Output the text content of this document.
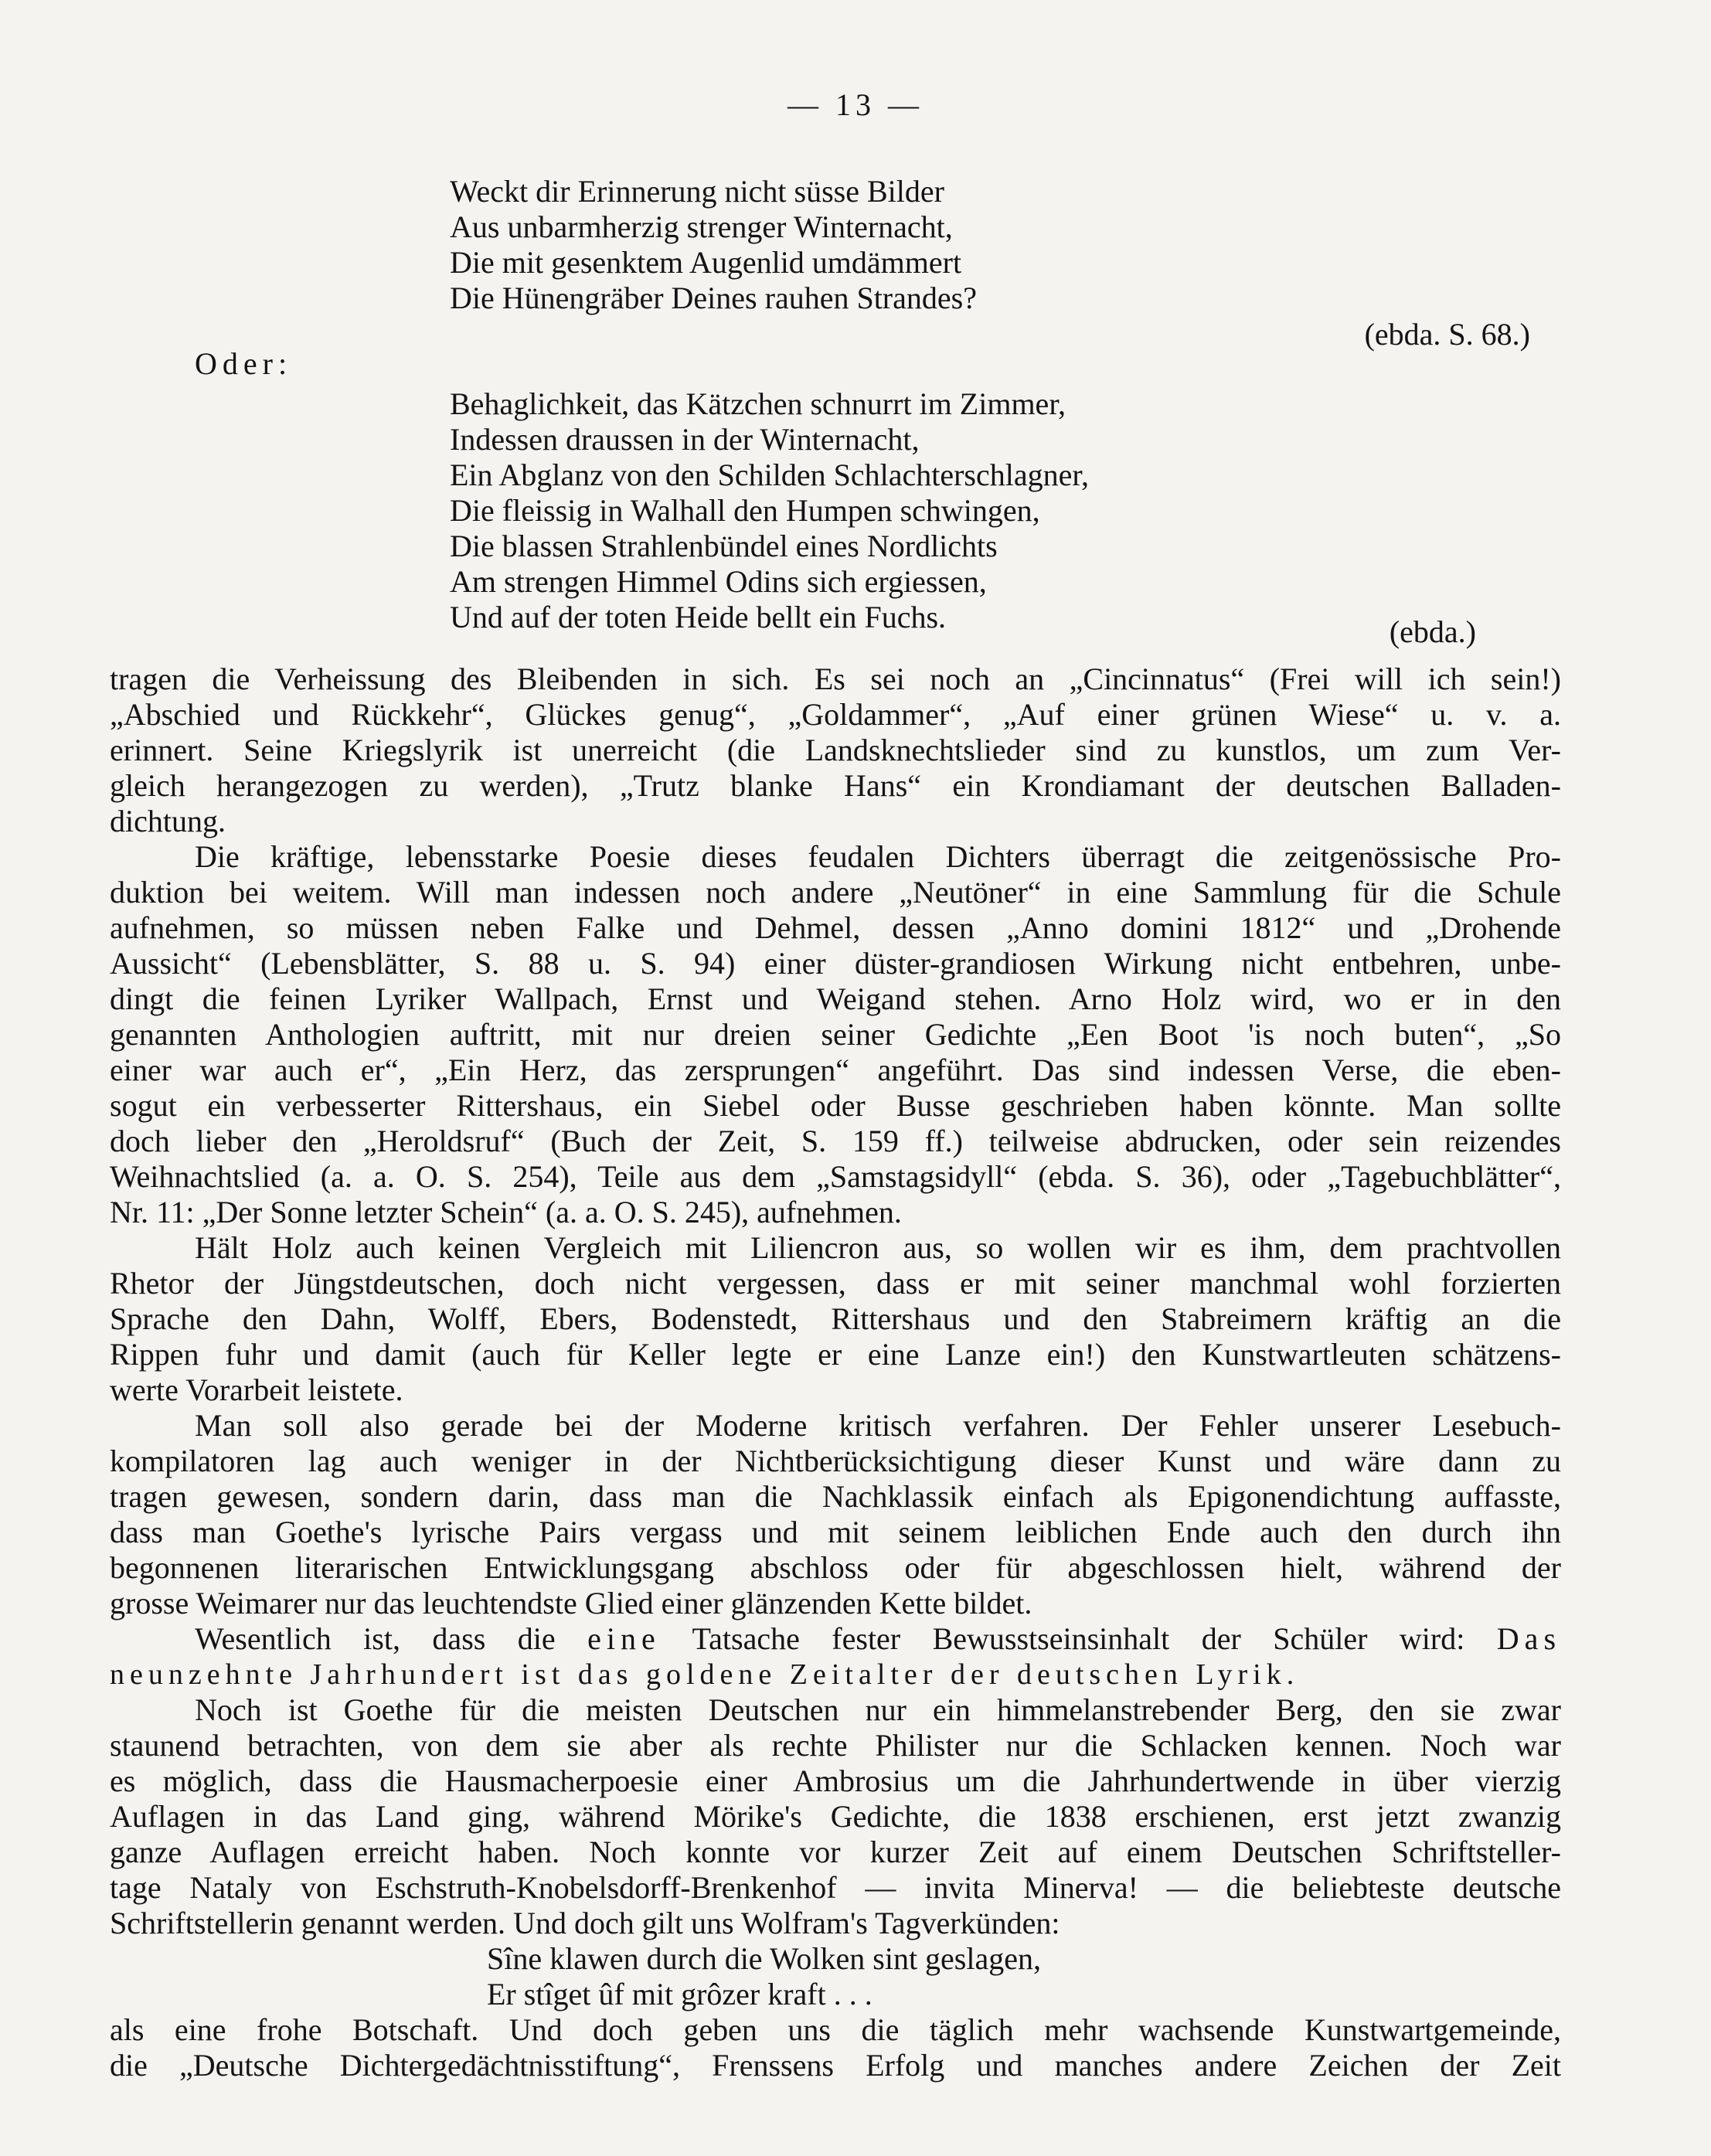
— 13 —
Weckt dir Erinnerung nicht süsse Bilder
Aus unbarmherzig strenger Winternacht,
Die mit gesenktem Augenlid umdämmert
Die Hünengräber Deines rauhen Strandes?
(ebda. S. 68.)
Oder:
Behaglichkeit, das Kätzchen schnurrt im Zimmer,
Indessen draussen in der Winternacht,
Ein Abglanz von den Schilden Schlachterschlagner,
Die fleissig in Walhall den Humpen schwingen,
Die blassen Strahlenbündel eines Nordlichts
Am strengen Himmel Odins sich ergiessen,
Und auf der toten Heide bellt ein Fuchs.	(ebda.)
tragen die Verheissung des Bleibenden in sich. Es sei noch an „Cincinnatus“ (Frei will ich sein!)
„Abschied und Rückkehr“, Glückes genug“, „Goldammer“, „Auf einer grünen Wiese“ u. v. a.
erinnert. Seine Kriegslyrik ist unerreicht (die Landsknechtslieder sind zu kunstlos, um zum Ver-
gleich herangezogen zu werden), „Trutz blanke Hans“ ein Krondiamant der deutschen Balladen-
dichtung.
Die kräftige, lebensstarke Poesie dieses feudalen Dichters überragt die zeitgenössische Pro-
duktion bei weitem. Will man indessen noch andere „Neutöner“ in eine Sammlung für die Schule
aufnehmen, so müssen neben Falke und Dehmel, dessen „Anno domini 1812“ und „Drohende
Aussicht“ (Lebensblätter, S. 88 u. S. 94) einer düster-grandiosen Wirkung nicht entbehren, unbe-
dingt die feinen Lyriker Wallpach, Ernst und Weigand stehen. Arno Holz wird, wo er in den
genannten Anthologien auftritt, mit nur dreien seiner Gedichte „Een Boot 'is noch buten“, „So
einer war auch er“, „Ein Herz, das zersprungen“ angeführt. Das sind indessen Verse, die eben-
sogut ein verbesserter Rittershaus, ein Siebel oder Busse geschrieben haben könnte. Man sollte
doch lieber den „Heroldsruf“ (Buch der Zeit, S. 159 ff.) teilweise abdrucken, oder sein reizendes
Weihnachtslied (a. a. O. S. 254), Teile aus dem „Samstagsidyll“ (ebda. S. 36), oder „Tagebuchblätter“,
Nr. 11: „Der Sonne letzter Schein“ (a. a. O. S. 245), aufnehmen.
Hält Holz auch keinen Vergleich mit Liliencron aus, so wollen wir es ihm, dem prachtvollen
Rhetor der Jüngstdeutschen, doch nicht vergessen, dass er mit seiner manchmal wohl forzierten
Sprache den Dahn, Wolff, Ebers, Bodenstedt, Rittershaus und den Stabreimern kräftig an die
Rippen fuhr und damit (auch für Keller legte er eine Lanze ein!) den Kunstwartleuten schätzens-
werte Vorarbeit leistete.
Man soll also gerade bei der Moderne kritisch verfahren. Der Fehler unserer Lesebuch-
kompilatoren lag auch weniger in der Nichtberücksichtigung dieser Kunst und wäre dann zu
tragen gewesen, sondern darin, dass man die Nachklassik einfach als Epigonendichtung auffasste,
dass man Goethe's lyrische Pairs vergass und mit seinem leiblichen Ende auch den durch ihn
begonnenen literarischen Entwicklungsgang abschloss oder für abgeschlossen hielt, während der
grosse Weimarer nur das leuchtendste Glied einer glänzenden Kette bildet.
Wesentlich ist, dass die eine Tatsache fester Bewusstseinsinhalt der Schüler wird: Das
neunzehnte Jahrhundert ist das goldene Zeitalter der deutschen Lyrik.
Noch ist Goethe für die meisten Deutschen nur ein himmelanstrebender Berg, den sie zwar
staunend betrachten, von dem sie aber als rechte Philister nur die Schlacken kennen. Noch war
es möglich, dass die Hausmacherpoesie einer Ambrosius um die Jahrhundertwende in über vierzig
Auflagen in das Land ging, während Mörike's Gedichte, die 1838 erschienen, erst jetzt zwanzig
ganze Auflagen erreicht haben. Noch konnte vor kurzer Zeit auf einem Deutschen Schriftsteller-
tage Nataly von Eschstruth-Knobelsdorff-Brenkenhof — invita Minerva! — die beliebteste deutsche
Schriftstellerin genannt werden. Und doch gilt uns Wolfram's Tagverkünden:
Sîne klawen durch die Wolken sint geslagen,
Er stîget ûf mit grôzer kraft . . .
als eine frohe Botschaft. Und doch geben uns die täglich mehr wachsende Kunstwartgemeinde,
die „Deutsche Dichtergedächtnisstiftung“, Frenssens Erfolg und manches andere Zeichen der Zeit
